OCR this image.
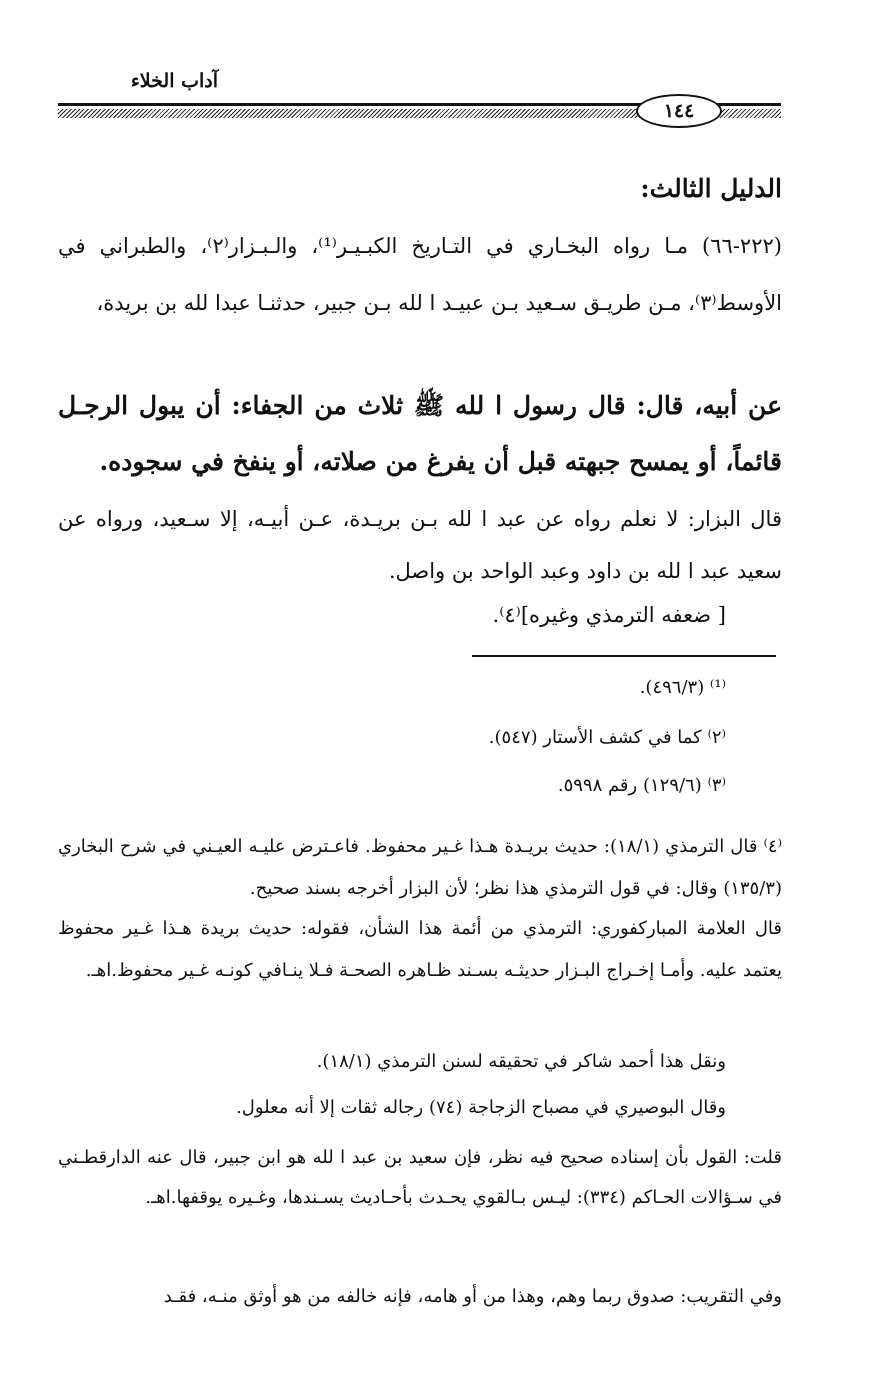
آداب الخلاء
١٤٤
الدليل الثالث:
(٢٢٢-٦٦) مـا رواه البخـاري في التـاريخ الكبـيـر⁽¹⁾، والـبـزار⁽٢⁾، والطبراني في الأوسط⁽٣⁾، مـن طريـق سـعيد بـن عبيـد ا لله بـن جبير، حدثنـا عبدا لله بن بريدة،
عن أبيه، قال: قال رسول ا لله ﷺ ثلاث من الجفاء: أن يبول الرجـل قائماً، أو يمسح جبهته قبل أن يفرغ من صلاته، أو ينفخ في سجوده.
قال البزار: لا نعلم رواه عن عبد ا لله بـن بريـدة، عـن أبيـه، إلا سـعيد، ورواه عن سعيد عبد ا لله بن داود وعبد الواحد بن واصل.
[ ضعفه الترمذي وغيره]⁽٤⁾.
⁽¹⁾ (٤٩٦/٣).
⁽٢⁾ كما في كشف الأستار (٥٤٧).
⁽٣⁾ (١٢٩/٦) رقم ٥٩٩٨.
⁽٤⁾ قال الترمذي (١٨/١): حديث بريـدة هـذا غـير محفوظ. فاعـترض عليـه العيـني في شرح البخاري (١٣٥/٣) وقال: في قول الترمذي هذا نظر؛ لأن البزار أخرجه بسند صحيح.
قال العلامة المباركفوري: الترمذي من أئمة هذا الشأن، فقوله: حديث بريدة هـذا غـير محفوظ يعتمد عليه. وأمـا إخـراج البـزار حديثـه بسـند ظـاهره الصحـة فـلا ينـافي كونـه غـير محفوظ.اهـ.
ونقل هذا أحمد شاكر في تحقيقه لسنن الترمذي (١٨/١).
وقال البوصيري في مصباح الزجاجة (٧٤) رجاله ثقات إلا أنه معلول.
قلت: القول بأن إسناده صحيح فيه نظر، فإن سعيد بن عبد ا لله هو ابن جبير، قال عنه الدارقطـني في سـؤالات الحـاكم (٣٣٤): ليـس بـالقوي يحـدث بأحـاديث يسـندها، وغـيره يوقفها.اهـ.
وفي التقريب: صدوق ربما وهم، وهذا من أو هامه، فإنه خالفه من هو أوثق منـه، فقـد
